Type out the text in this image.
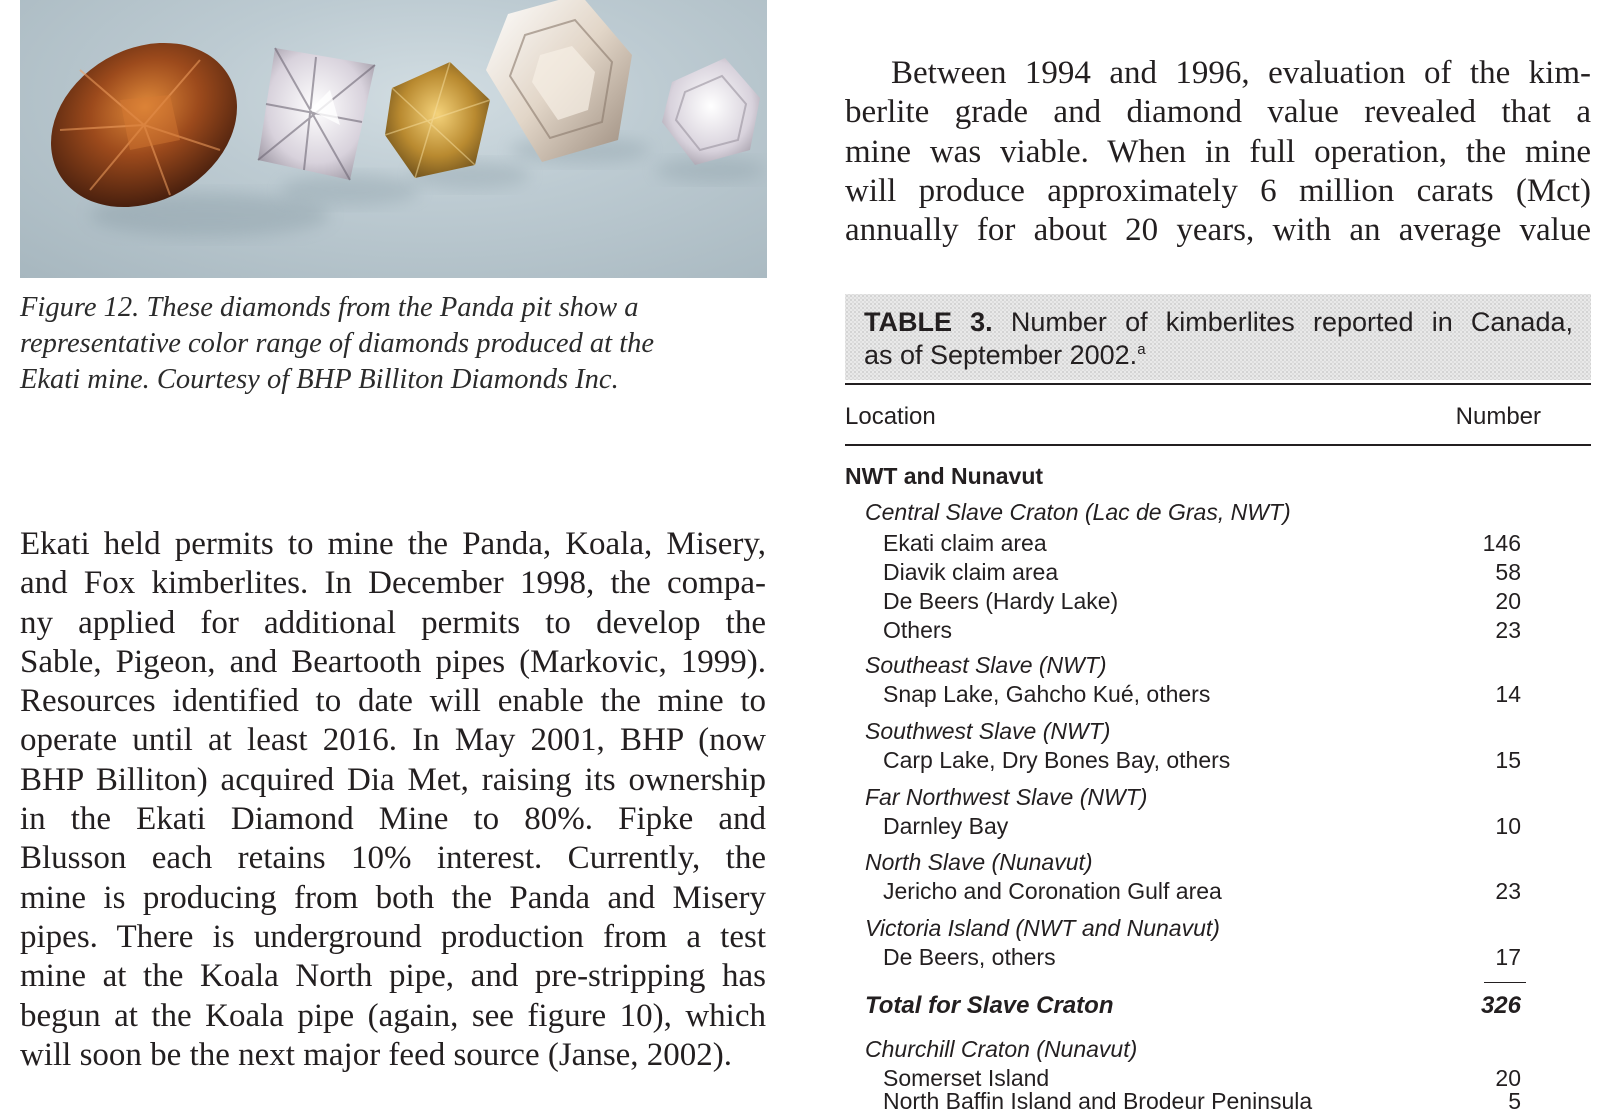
Figure 12. These diamonds from the Panda pit show a
representative color range of diamonds produced at the
Ekati mine. Courtesy of BHP Billiton Diamonds Inc.
Ekati held permits to mine the Panda, Koala, Misery,
and Fox kimberlites. In December 1998, the compa-
ny applied for additional permits to develop the
Sable, Pigeon, and Beartooth pipes (Markovic, 1999).
Resources identified to date will enable the mine to
operate until at least 2016. In May 2001, BHP (now
BHP Billiton) acquired Dia Met, raising its ownership
in the Ekati Diamond Mine to 80%. Fipke and
Blusson each retains 10% interest. Currently, the
mine is producing from both the Panda and Misery
pipes. There is underground production from a test
mine at the Koala North pipe, and pre-stripping has
begun at the Koala pipe (again, see figure 10), which
will soon be the next major feed source (Janse, 2002).
Between 1994 and 1996, evaluation of the kim-
berlite grade and diamond value revealed that a
mine was viable. When in full operation, the mine
will produce approximately 6 million carats (Mct)
annually for about 20 years, with an average value
TABLE 3. Number of kimberlites reported in Canada,
as of September 2002.$^a$
Location	Number
NWT and Nunavut
Central Slave Craton (Lac de Gras, NWT)
Ekati claim area	146
Diavik claim area	58
De Beers (Hardy Lake)	20
Others	23
Southeast Slave (NWT)
Snap Lake, Gahcho Kué, others	14
Southwest Slave (NWT)
Carp Lake, Dry Bones Bay, others	15
Far Northwest Slave (NWT)
Darnley Bay	10
North Slave (Nunavut)
Jericho and Coronation Gulf area	23
Victoria Island (NWT and Nunavut)
De Beers, others	17
Total for Slave Craton	326
Churchill Craton (Nunavut)
Somerset Island	20
North Baffin Island and Brodeur Peninsula	5
